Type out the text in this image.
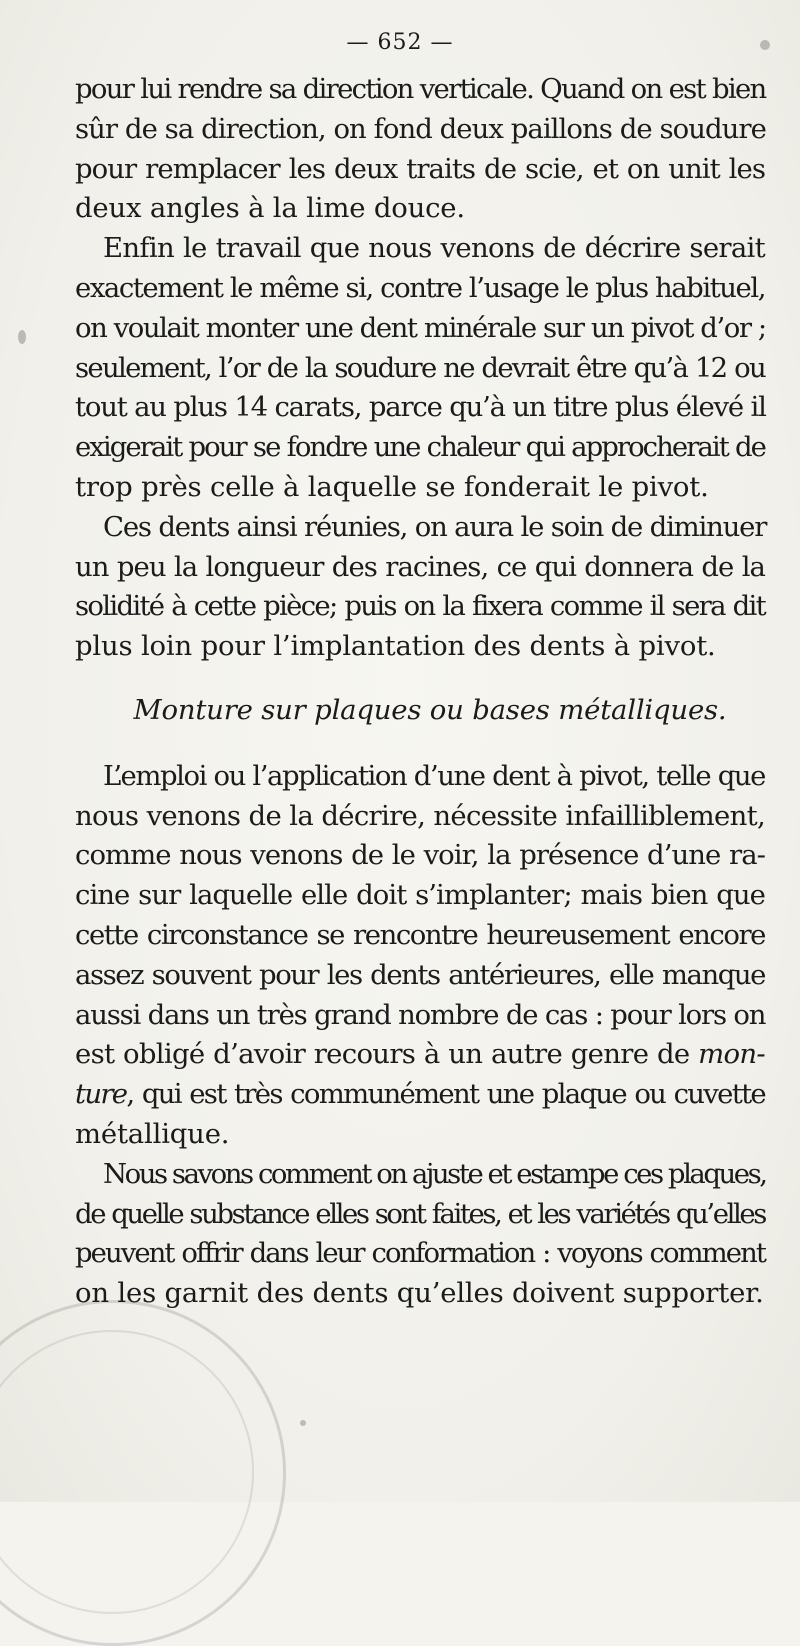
— 652 —
pour lui rendre sa direction verticale. Quand on est bien
sûr de sa direction, on fond deux paillons de soudure
pour remplacer les deux traits de scie, et on unit les
deux angles à la lime douce.
Enfin le travail que nous venons de décrire serait
exactement le même si, contre l’usage le plus habituel,
on voulait monter une dent minérale sur un pivot d’or ;
seulement, l’or de la soudure ne devrait être qu’à 12 ou
tout au plus 14 carats, parce qu’à un titre plus élevé il
exigerait pour se fondre une chaleur qui approcherait de
trop près celle à laquelle se fonderait le pivot.
Ces dents ainsi réunies, on aura le soin de diminuer
un peu la longueur des racines, ce qui donnera de la
solidité à cette pièce; puis on la fixera comme il sera dit
plus loin pour l’implantation des dents à pivot.
Monture sur plaques ou bases métalliques.
L’emploi ou l’application d’une dent à pivot, telle que
nous venons de la décrire, nécessite infailliblement,
comme nous venons de le voir, la présence d’une ra-
cine sur laquelle elle doit s’implanter; mais bien que
cette circonstance se rencontre heureusement encore
assez souvent pour les dents antérieures, elle manque
aussi dans un très grand nombre de cas : pour lors on
est obligé d’avoir recours à un autre genre de mon-
ture, qui est très communément une plaque ou cuvette
métallique.
Nous savons comment on ajuste et estampe ces plaques,
de quelle substance elles sont faites, et les variétés qu’elles
peuvent offrir dans leur conformation : voyons comment
on les garnit des dents qu’elles doivent supporter.
